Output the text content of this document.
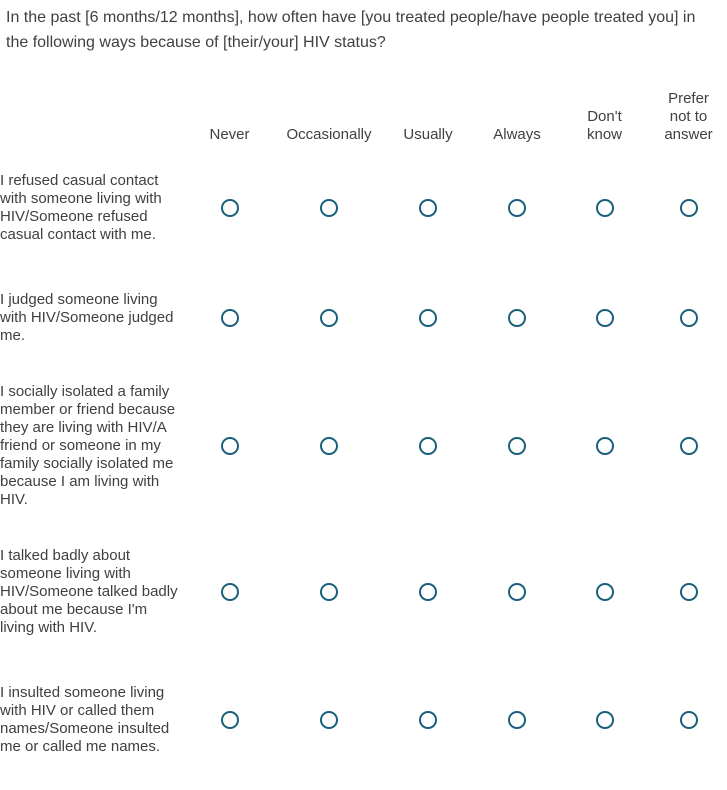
In the past [6 months/12 months], how often have [you treated people/have people treated you] in the following ways because of [their/your] HIV status?

	Never	Occasionally	Usually	Always	Don't know	Prefer not to answer
I refused casual contact with someone living with HIV/Someone refused casual contact with me.						
I judged someone living with HIV/Someone judged me.						
I socially isolated a family member or friend because they are living with HIV/A friend or someone in my family socially isolated me because I am living with HIV.						
I talked badly about someone living with HIV/Someone talked badly about me because I'm living with HIV.						
I insulted someone living with HIV or called them names/Someone insulted me or called me names.						
